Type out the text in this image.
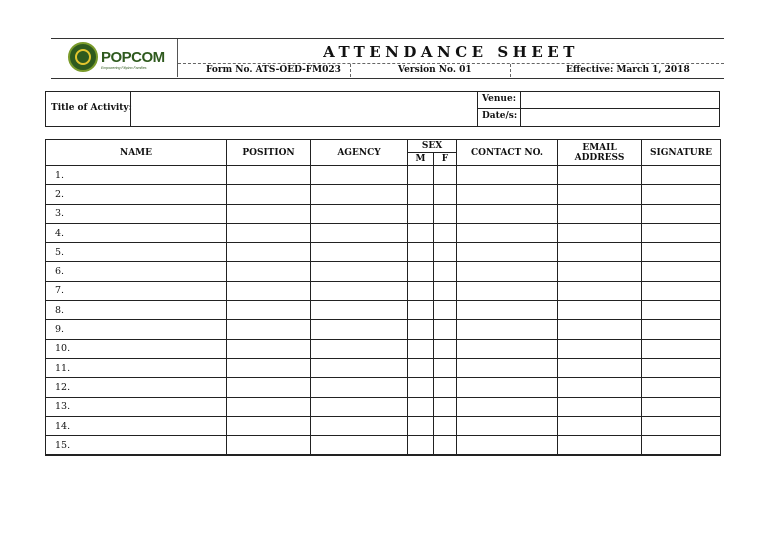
POPCOM
Empowering Filipino Families
ATTENDANCE SHEET
Form No. ATS-OED-FM023	Version No. 01	Effective: March 1, 2018
Title of Activity:
Venue:
Date/s:
NAME	POSITION	AGENCY	SEX		CONTACT NO.	EMAIL ADDRESS	SIGNATURE
			M	F			
1.							
2.							
3.							
4.							
5.							
6.							
7.							
8.							
9.							
10.							
11.							
12.							
13.							
14.							
15.							
